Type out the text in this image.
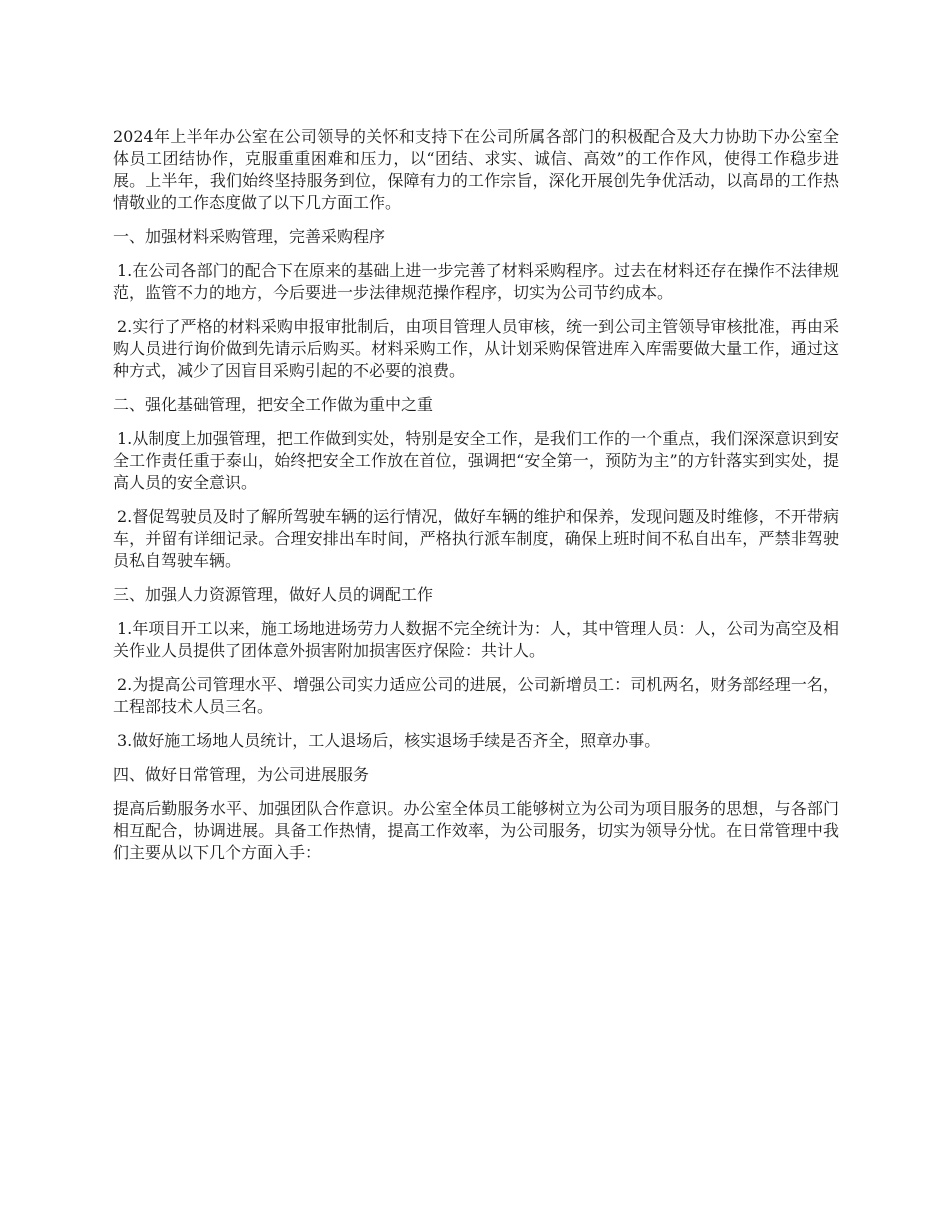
2024年上半年办公室在公司领导的关怀和支持下在公司所属各部门的积极配合及大力协助下办公室全体员工团结协作，克服重重困难和压力，以“团结、求实、诚信、高效”的工作作风，使得工作稳步进展。上半年，我们始终坚持服务到位，保障有力的工作宗旨，深化开展创先争优活动，以高昂的工作热情敬业的工作态度做了以下几方面工作。

一、加强材料采购管理，完善采购程序

1.在公司各部门的配合下在原来的基础上进一步完善了材料采购程序。过去在材料还存在操作不法律规范，监管不力的地方，今后要进一步法律规范操作程序，切实为公司节约成本。

2.实行了严格的材料采购申报审批制后，由项目管理人员审核，统一到公司主管领导审核批准，再由采购人员进行询价做到先请示后购买。材料采购工作，从计划采购保管进库入库需要做大量工作，通过这种方式，减少了因盲目采购引起的不必要的浪费。

二、强化基础管理，把安全工作做为重中之重

1.从制度上加强管理，把工作做到实处，特别是安全工作，是我们工作的一个重点，我们深深意识到安全工作责任重于泰山，始终把安全工作放在首位，强调把“安全第一，预防为主”的方针落实到实处，提高人员的安全意识。

2.督促驾驶员及时了解所驾驶车辆的运行情况，做好车辆的维护和保养，发现问题及时维修，不开带病车，并留有详细记录。合理安排出车时间，严格执行派车制度，确保上班时间不私自出车，严禁非驾驶员私自驾驶车辆。

三、加强人力资源管理，做好人员的调配工作

1.年项目开工以来，施工场地进场劳力人数据不完全统计为：人，其中管理人员：人，公司为高空及相关作业人员提供了团体意外损害附加损害医疗保险：共计人。

2.为提高公司管理水平、增强公司实力适应公司的进展，公司新增员工：司机两名，财务部经理一名，工程部技术人员三名。

3.做好施工场地人员统计，工人退场后，核实退场手续是否齐全，照章办事。

四、做好日常管理，为公司进展服务

提高后勤服务水平、加强团队合作意识。办公室全体员工能够树立为公司为项目服务的思想，与各部门相互配合，协调进展。具备工作热情，提高工作效率，为公司服务，切实为领导分忧。在日常管理中我们主要从以下几个方面入手：
